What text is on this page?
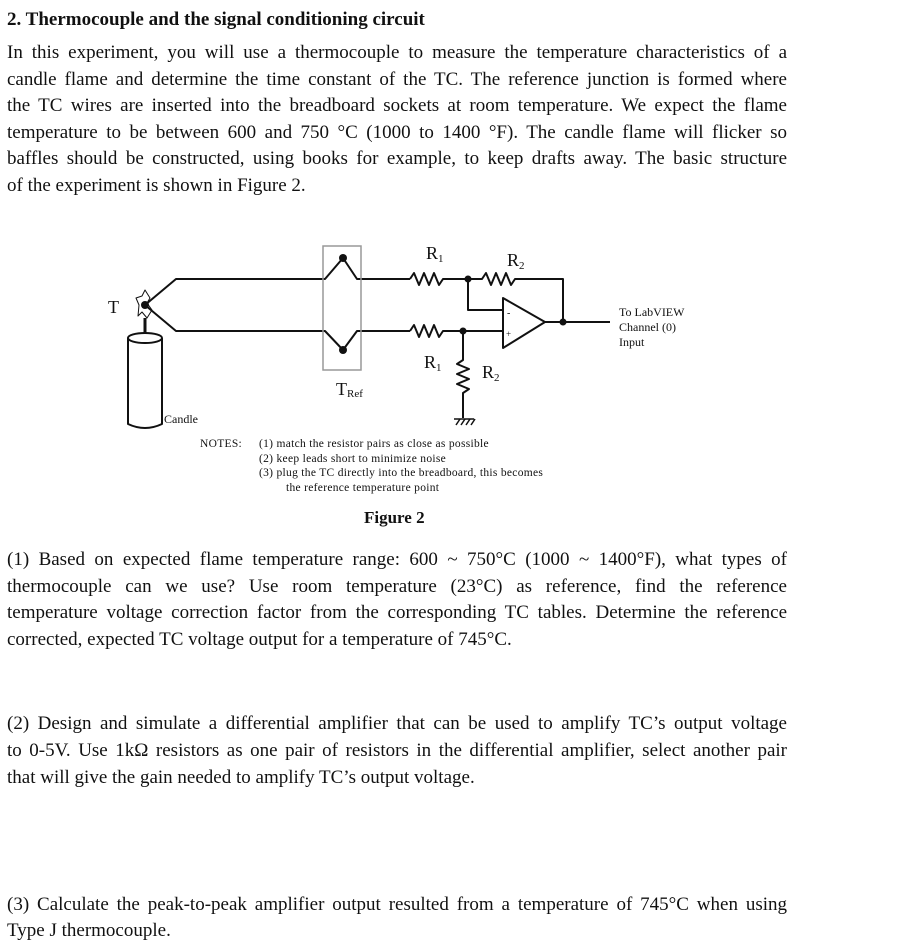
2. Thermocouple and the signal conditioning circuit
In this experiment, you will use a thermocouple to measure the temperature characteristics of a
candle flame and determine the time constant of the TC. The reference junction is formed where
the TC wires are inserted into the breadboard sockets at room temperature. We expect the flame
temperature to be between 600 and 750 °C (1000 to 1400 °F). The candle flame will flicker so
baffles should be constructed, using books for example, to keep drafts away. The basic structure
of the experiment is shown in Figure 2.
T
R1	R2
R1 R2
TRef
Candle
-
+
To LabVIEW
Channel (0)
Input
NOTES: (1) match the resistor pairs as close as possible
(2) keep leads short to minimize noise
(3) plug the TC directly into the breadboard, this becomes
the reference temperature point
Figure 2
(1) Based on expected flame temperature range: 600 ~ 750°C (1000 ~ 1400°F), what types of
thermocouple can we use? Use room temperature (23°C) as reference, find the reference
temperature voltage correction factor from the corresponding TC tables. Determine the reference
corrected, expected TC voltage output for a temperature of 745°C.
(2) Design and simulate a differential amplifier that can be used to amplify TC’s output voltage
to 0-5V. Use 1kΩ resistors as one pair of resistors in the differential amplifier, select another pair
that will give the gain needed to amplify TC’s output voltage.
(3) Calculate the peak-to-peak amplifier output resulted from a temperature of 745°C when using
Type J thermocouple.
